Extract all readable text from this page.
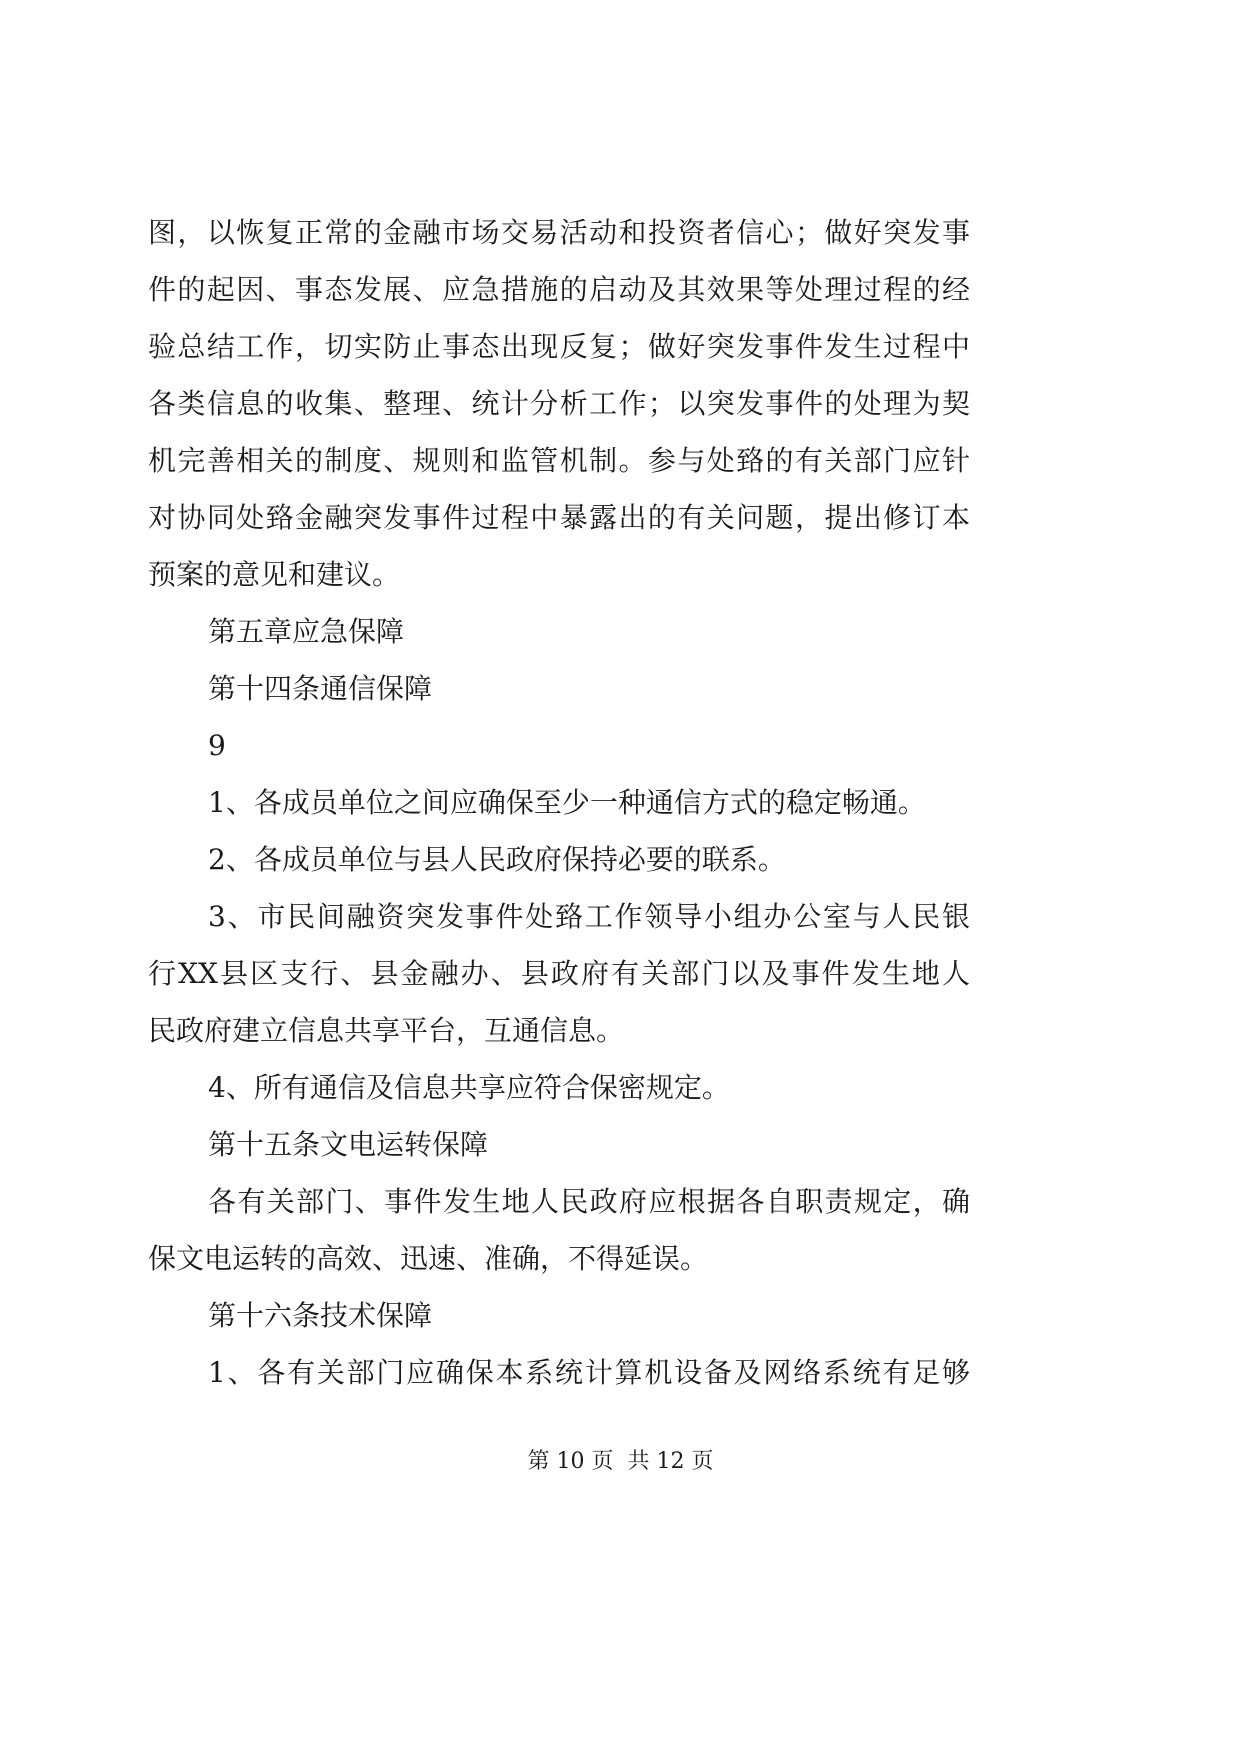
图，以恢复正常的金融市场交易活动和投资者信心；做好突发事
件的起因、事态发展、应急措施的启动及其效果等处理过程的经
验总结工作，切实防止事态出现反复；做好突发事件发生过程中
各类信息的收集、整理、统计分析工作；以突发事件的处理为契
机完善相关的制度、规则和监管机制。参与处臵的有关部门应针
对协同处臵金融突发事件过程中暴露出的有关问题，提出修订本
预案的意见和建议。
第五章应急保障
第十四条通信保障
9
1、各成员单位之间应确保至少一种通信方式的稳定畅通。
2、各成员单位与县人民政府保持必要的联系。
3、市民间融资突发事件处臵工作领导小组办公室与人民银
行XX县区支行、县金融办、县政府有关部门以及事件发生地人
民政府建立信息共享平台，互通信息。
4、所有通信及信息共享应符合保密规定。
第十五条文电运转保障
各有关部门、事件发生地人民政府应根据各自职责规定，确
保文电运转的高效、迅速、准确，不得延误。
第十六条技术保障
1、各有关部门应确保本系统计算机设备及网络系统有足够
第 10 页  共 12 页
